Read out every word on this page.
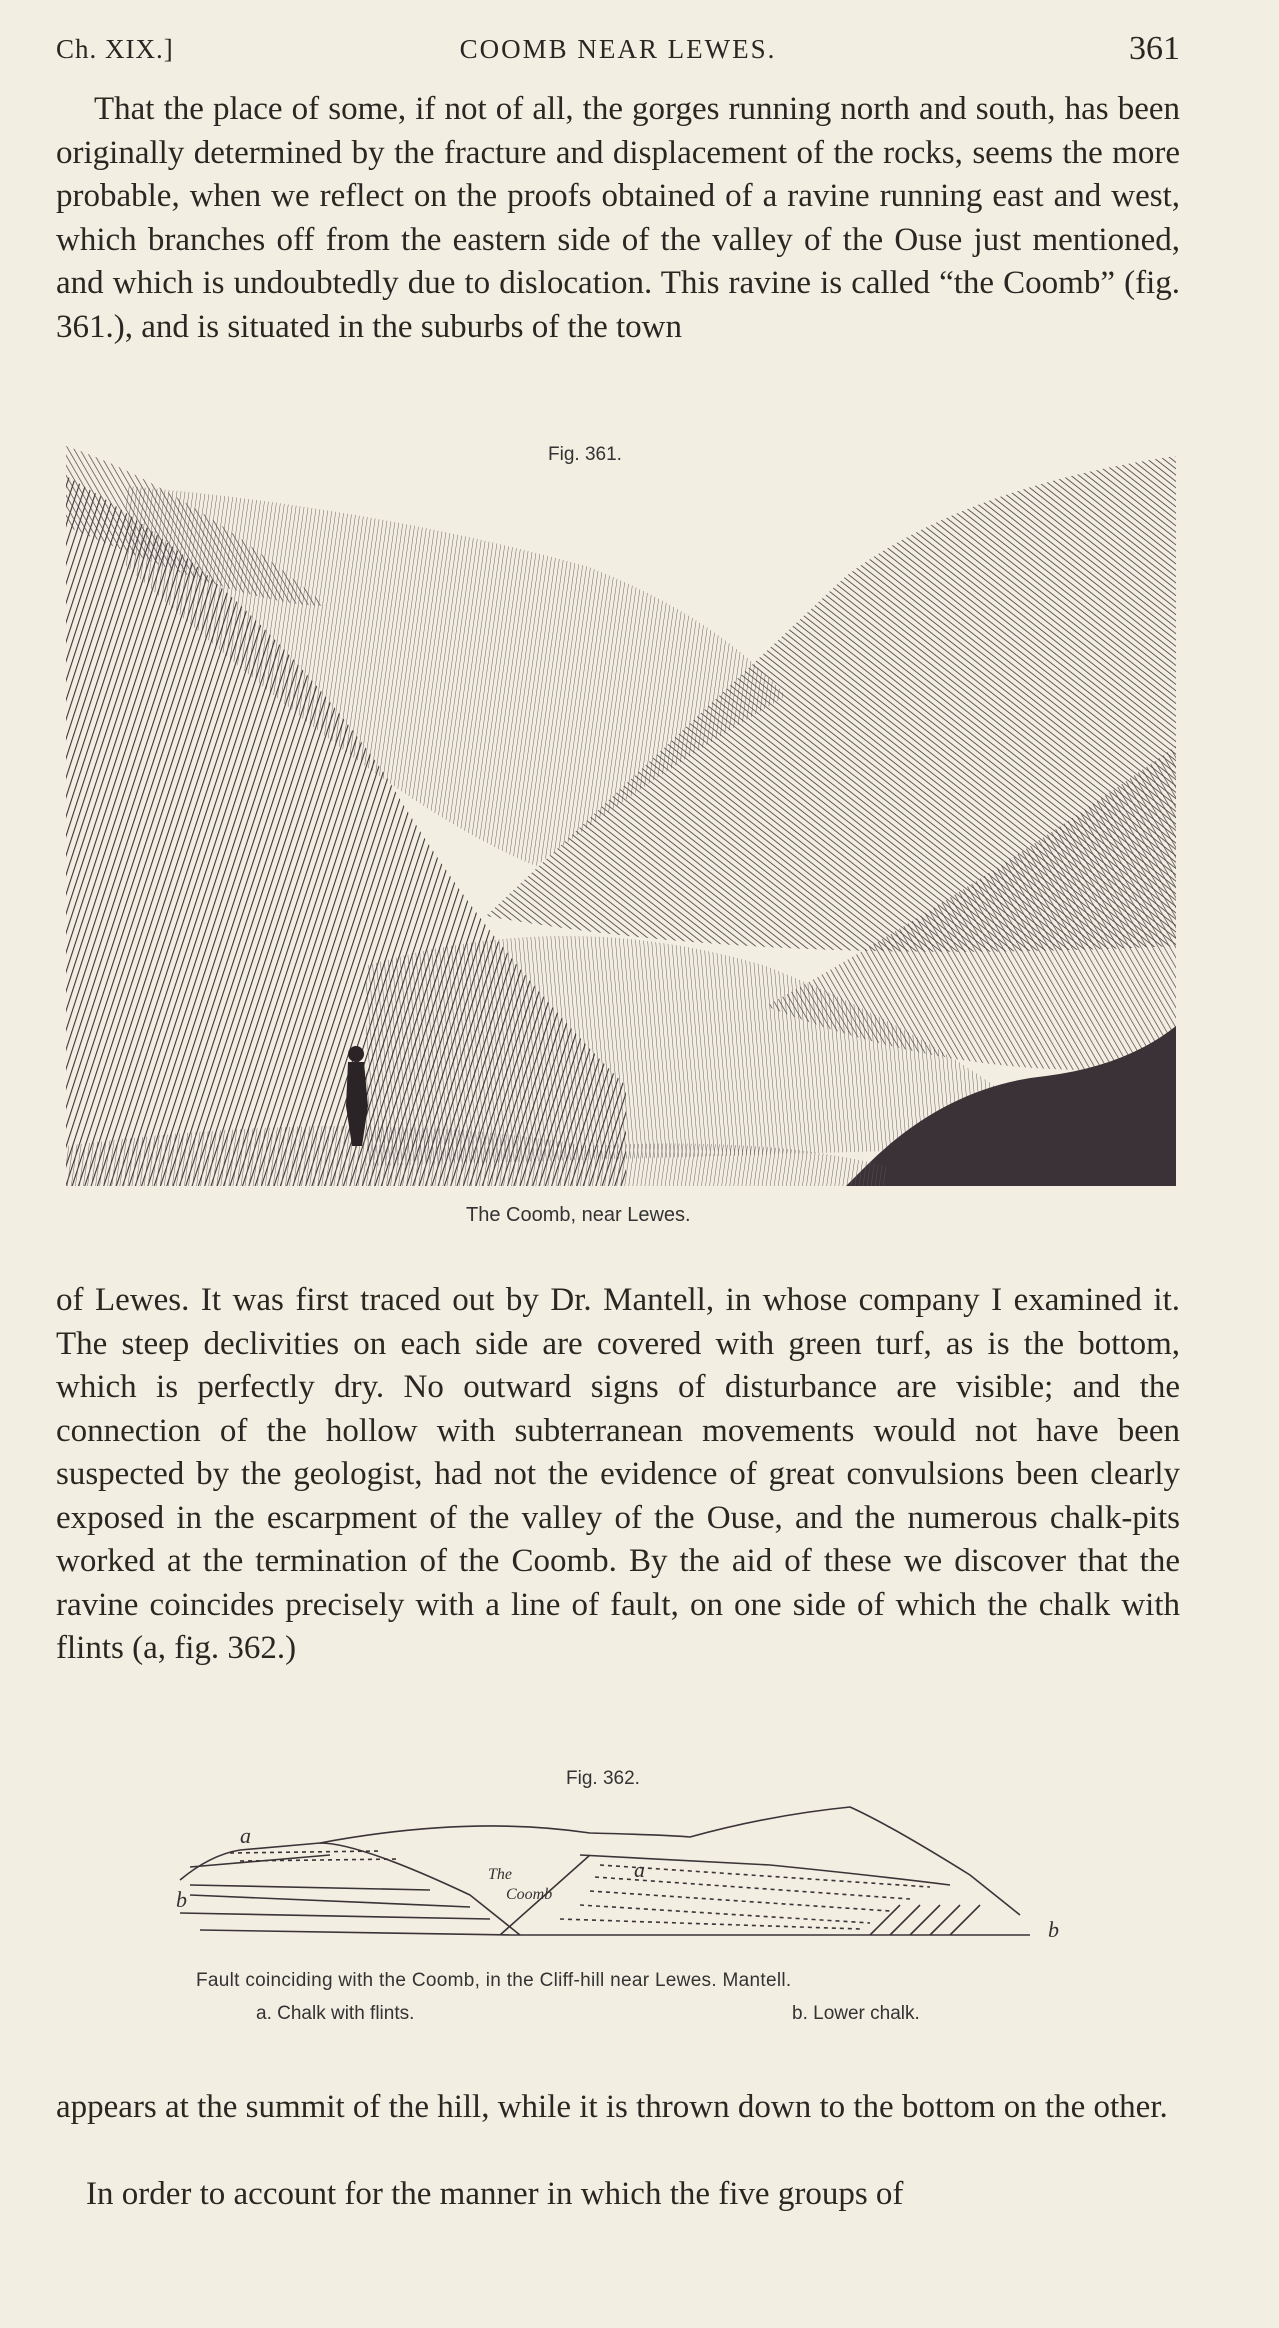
Ch. XIX.]	COOMB NEAR LEWES.	361
That the place of some, if not of all, the gorges running north and south, has been originally determined by the fracture and displacement of the rocks, seems the more probable, when we reflect on the proofs obtained of a ravine running east and west, which branches off from the eastern side of the valley of the Ouse just mentioned, and which is undoubtedly due to dislocation. This ravine is called “the Coomb” (fig. 361.), and is situated in the suburbs of the town
Fig. 361.
The Coomb, near Lewes.
of Lewes. It was first traced out by Dr. Mantell, in whose company I examined it. The steep declivities on each side are covered with green turf, as is the bottom, which is perfectly dry. No outward signs of disturbance are visible; and the connection of the hollow with subterranean movements would not have been suspected by the geologist, had not the evidence of great convulsions been clearly exposed in the escarpment of the valley of the Ouse, and the numerous chalk-pits worked at the termination of the Coomb. By the aid of these we discover that the ravine coincides precisely with a line of fault, on one side of which the chalk with flints (a, fig. 362.)
Fig. 362.
a
b
The
Coomb
a
b
Fault coinciding with the Coomb, in the Cliff-hill near Lewes. Mantell.
a. Chalk with flints.	b. Lower chalk.
appears at the summit of the hill, while it is thrown down to the bottom on the other.
In order to account for the manner in which the five groups of
